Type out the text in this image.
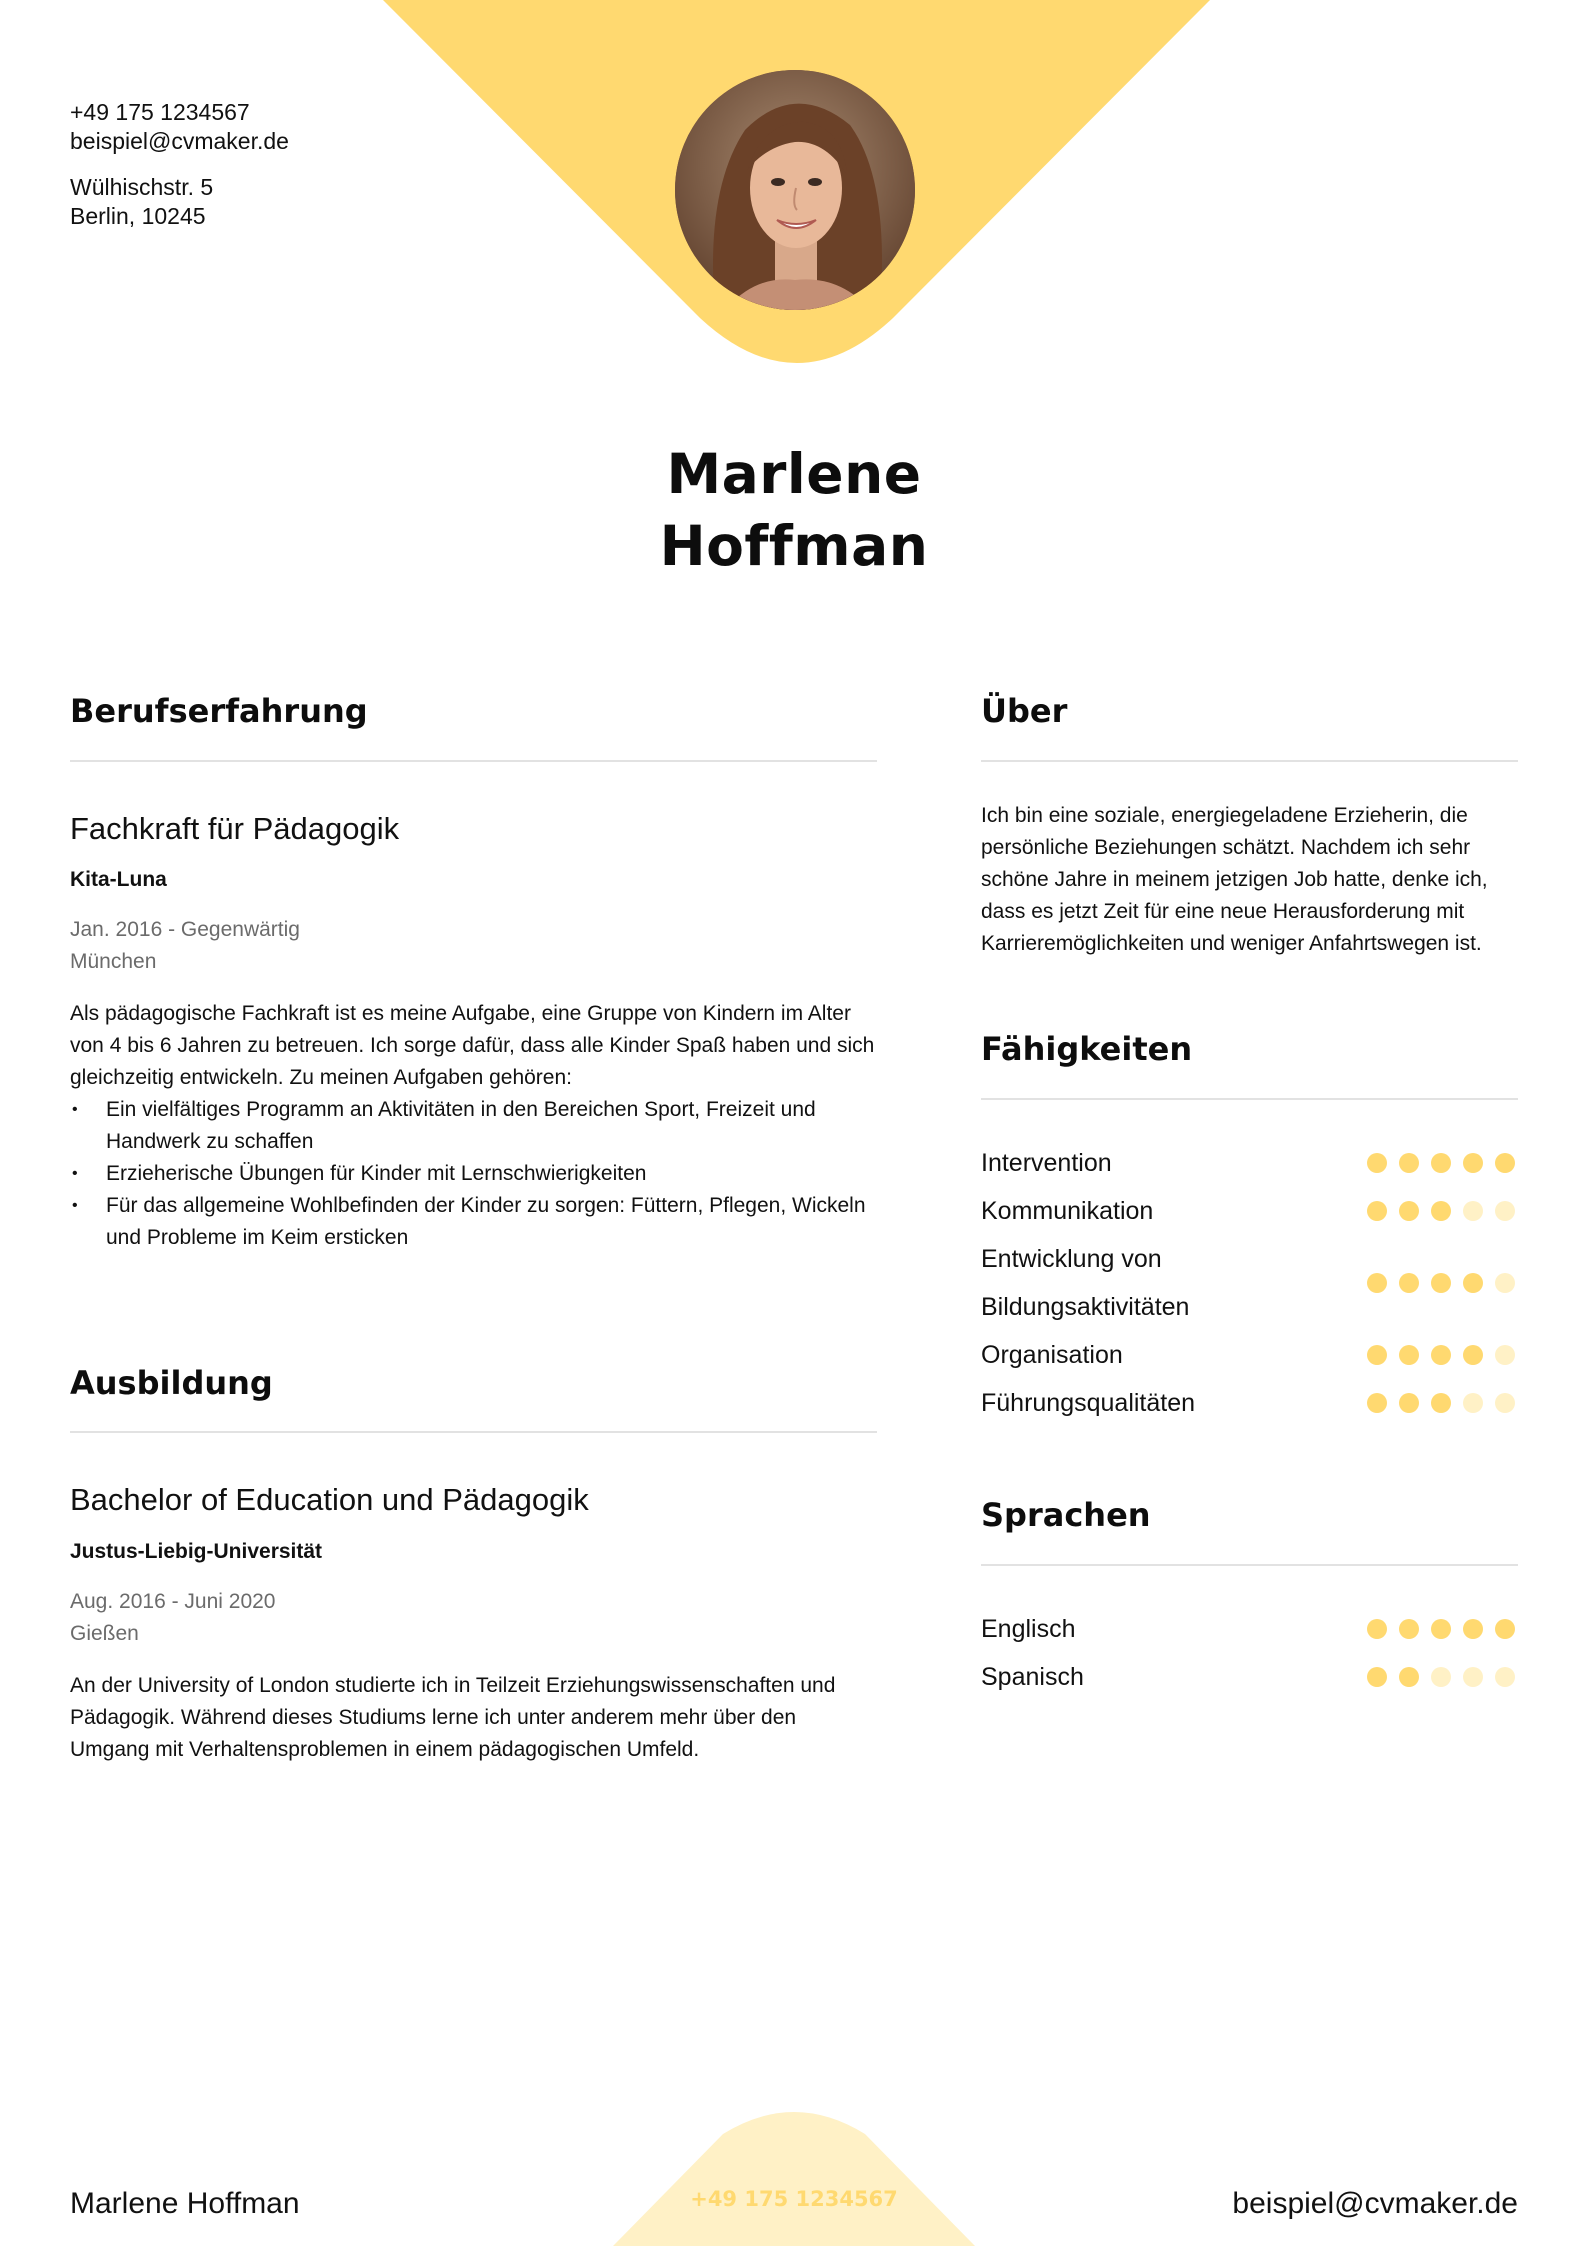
+49 175 1234567
beispiel@cvmaker.de
Wülhischstr. 5
Berlin, 10245
Marlene
Hoffman
Berufserfahrung
Fachkraft für Pädagogik
Kita-Luna
Jan. 2016 - Gegenwärtig
München
Als pädagogische Fachkraft ist es meine Aufgabe, eine Gruppe von Kindern im Alter von 4 bis 6 Jahren zu betreuen. Ich sorge dafür, dass alle Kinder Spaß haben und sich gleichzeitig entwickeln. Zu meinen Aufgaben gehören:
• Ein vielfältiges Programm an Aktivitäten in den Bereichen Sport, Freizeit und Handwerk zu schaffen
• Erzieherische Übungen für Kinder mit Lernschwierigkeiten
• Für das allgemeine Wohlbefinden der Kinder zu sorgen: Füttern, Pflegen, Wickeln und Probleme im Keim ersticken
Ausbildung
Bachelor of Education und Pädagogik
Justus-Liebig-Universität
Aug. 2016 - Juni 2020
Gießen
An der University of London studierte ich in Teilzeit Erziehungswissenschaften und Pädagogik. Während dieses Studiums lerne ich unter anderem mehr über den Umgang mit Verhaltensproblemen in einem pädagogischen Umfeld.
Über
Ich bin eine soziale, energiegeladene Erzieherin, die persönliche Beziehungen schätzt. Nachdem ich sehr schöne Jahre in meinem jetzigen Job hatte, denke ich, dass es jetzt Zeit für eine neue Herausforderung mit Karrieremöglichkeiten und weniger Anfahrtswegen ist.
Fähigkeiten
Intervention
Kommunikation
Entwicklung von Bildungsaktivitäten
Organisation
Führungsqualitäten
Sprachen
Englisch
Spanisch
Marlene Hoffman	+49 175 1234567	beispiel@cvmaker.de
